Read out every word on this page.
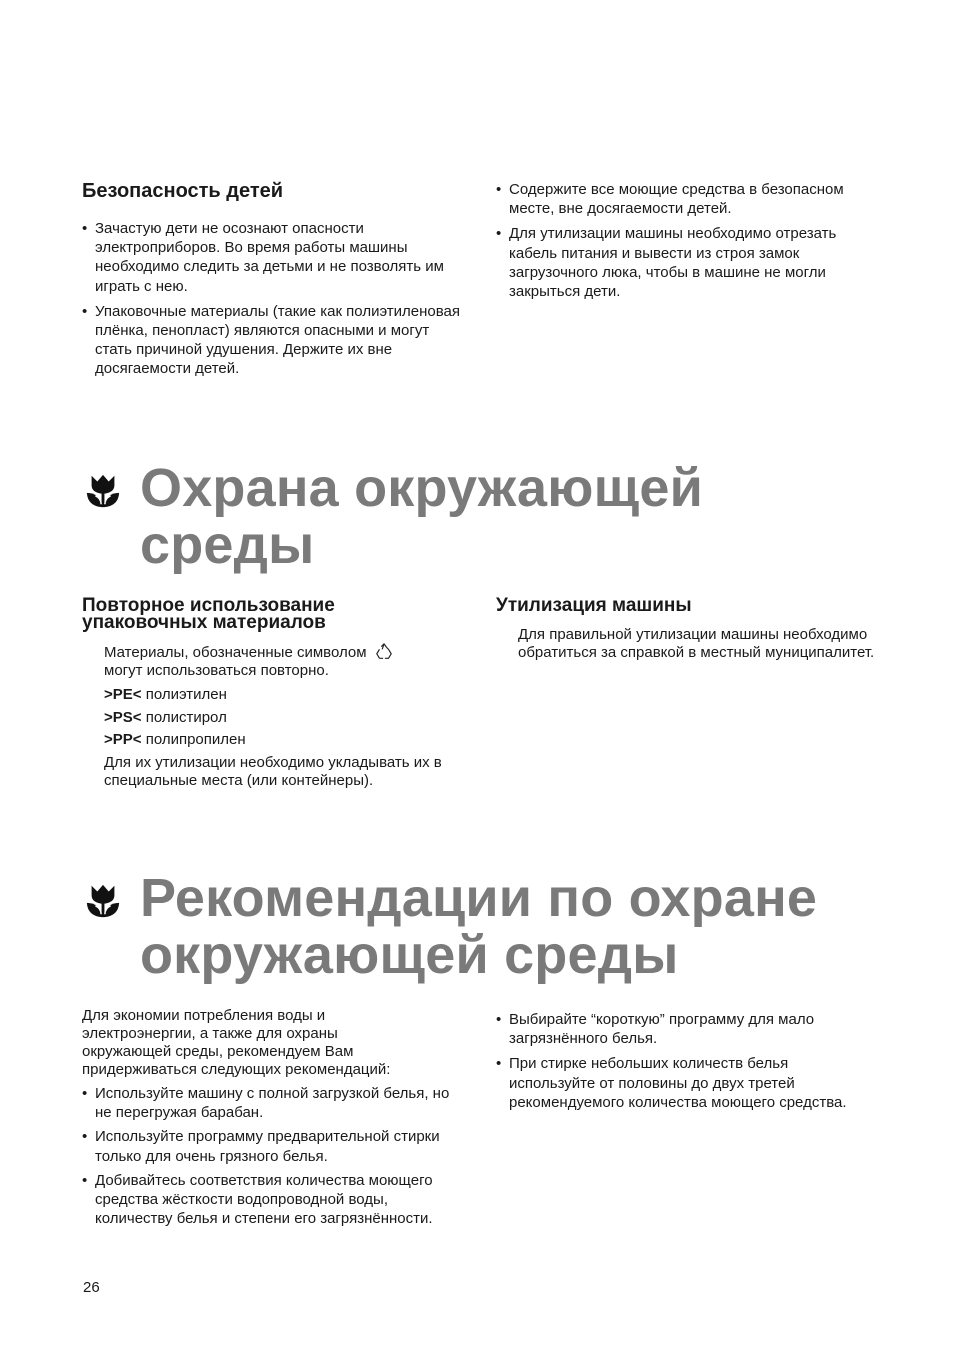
Безопасность детей
• Зачастую дети не осознают опасности электроприборов. Во время работы машины необходимо следить за детьми и не позволять им играть с нею.
• Упаковочные материалы (такие как полиэтиленовая плёнка, пенопласт) являются опасными и могут стать причиной удушения. Держите их вне досягаемости детей.
• Содержите все моющие средства в безопасном месте, вне досягаемости детей.
• Для утилизации машины необходимо отрезать кабель питания и вывести из строя замок загрузочного люка, чтобы в машине не могли закрыться дети.
Охрана окружающей
среды
Повторное использование
упаковочных материалов

Материалы, обозначенные символом

могут использоваться повторно.

>PE< полиэтилен

>PS< полистирол

>PP< полипропилен

Для их утилизации необходимо укладывать их в специальные места (или контейнеры).

Утилизация машины

Для правильной утилизации машины необходимо обратиться за справкой в местный муниципалитет.

Рекомендации по охране
окружающей среды

Для экономии потребления воды и электроэнергии, а также для охраны окружающей среды, рекомендуем Вам придерживаться следующих рекомендаций:

• Используйте машину с полной загрузкой белья, но не перегружая барабан.
• Используйте программу предварительной стирки только для очень грязного белья.
• Добивайтесь соответствия количества моющего средства жёсткости водопроводной воды, количеству белья и степени его загрязнённости.
• Выбирайте “короткую” программу для мало загрязнённого белья.
• При стирке небольших количеств белья используйте от половины до двух третей рекомендуемого количества моющего средства.
26
